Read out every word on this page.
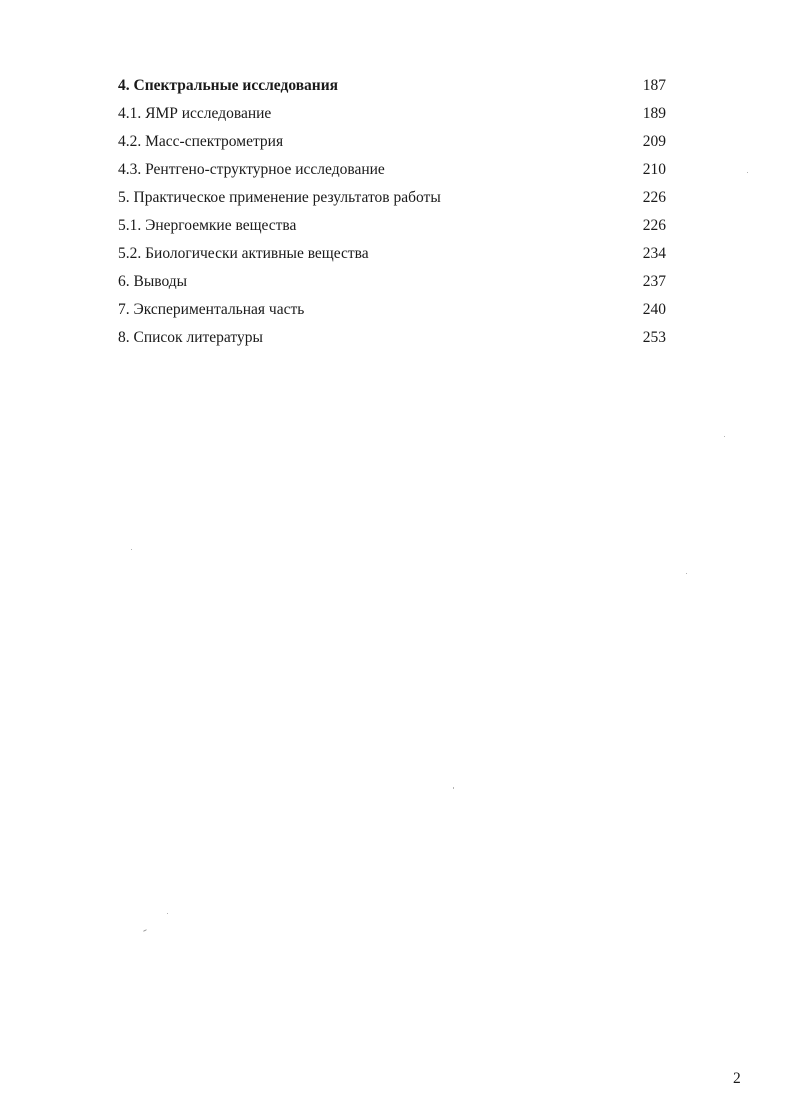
4. Спектральные исследования	187
4.1. ЯМР исследование	189
4.2. Масс-спектрометрия	209
4.3. Рентгено-структурное исследование	210
5. Практическое применение результатов работы	226
5.1. Энергоемкие вещества	226
5.2. Биологически активные вещества	234
6. Выводы	237
7. Экспериментальная часть	240
8. Список литературы	253
2
